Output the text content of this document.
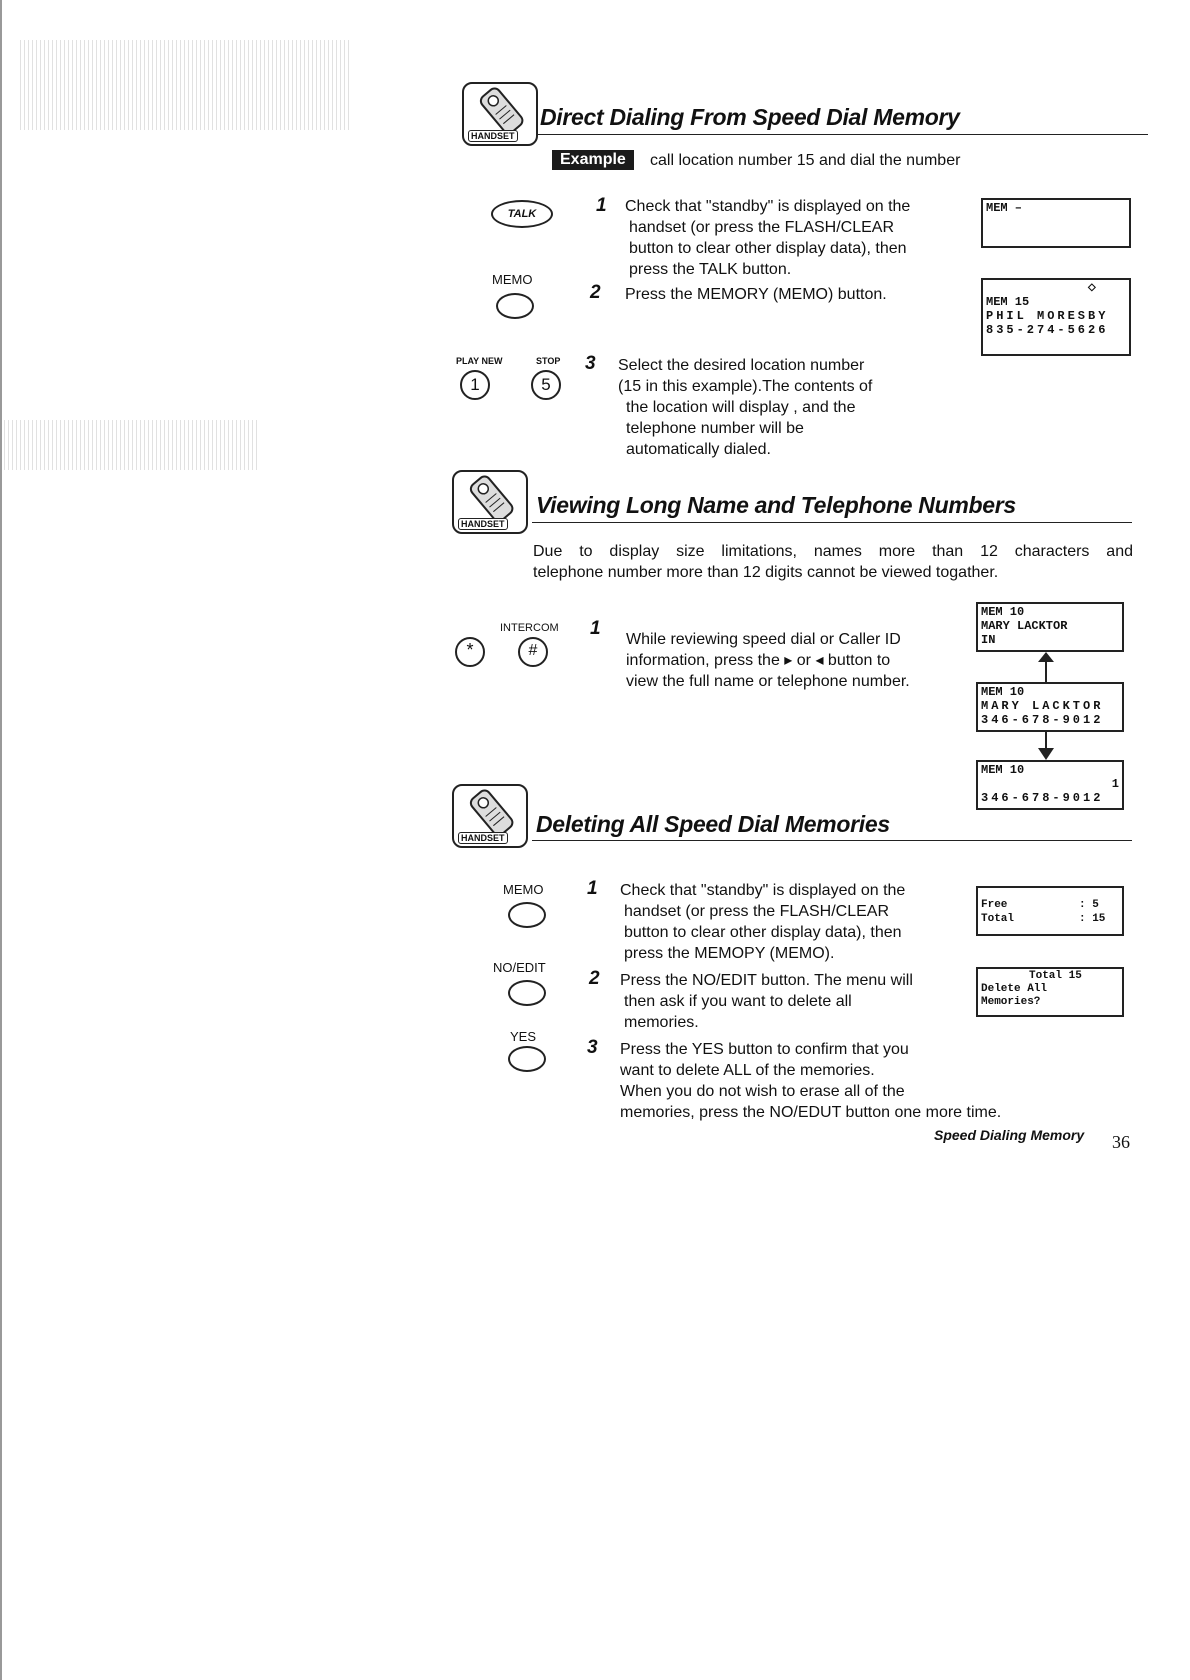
HANDSET
Direct Dialing From Speed Dial Memory
Example	call location number 15 and dial the number
TALK	1 Check that "standby" is displayed on the
handset (or press the FLASH/CLEAR
button to clear other display data), then
press the TALK button.
MEMO
2 Press the MEMORY (MEMO) button.
PLAY NEW	STOP
1	5
3 Select the desired location number
(15 in this example).The contents of
the location will display , and the
telephone number will be
automatically dialed.
MEM –
◇
MEM 15
PHIL MORESBY
835-274-5626
HANDSET
Viewing Long Name and Telephone Numbers
Due to display size limitations, names more than 12 characters and
telephone number more than 12 digits cannot be viewed togather.
INTERCOM
*	#
1
While reviewing speed dial or Caller ID
information, press the ▸ or ◂ button to
view the full name or telephone number.
MEM 10
MARY LACKTOR
IN
MEM 10
MARY LACKTOR
346-678-9012
MEM 10
1
346-678-9012
HANDSET
Deleting All Speed Dial Memories
MEMO 1 Check that "standby" is displayed on the
handset (or press the FLASH/CLEAR
button to clear other display data), then
press the MEMOPY (MEMO).
NO/EDIT
2 Press the NO/EDIT button. The menu will
then ask if you want to delete all
memories.
YES
3 Press the YES button to confirm that you
want to delete ALL of the memories.
When you do not wish to erase all of the
memories, press the NO/EDUT button one more time.
Free	: 5
Total	: 15
Total 15
Delete All
Memories?
Speed Dialing Memory 36
